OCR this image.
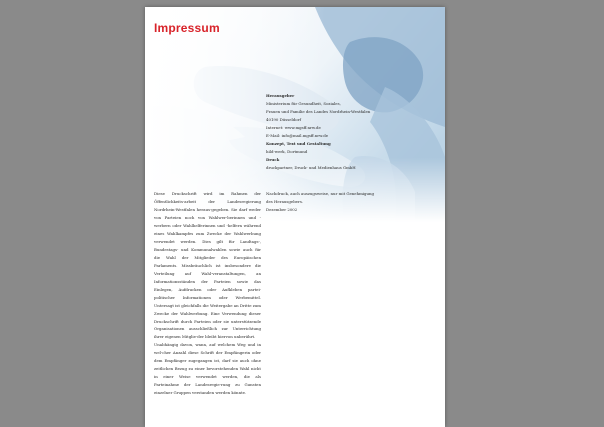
Impressum
Herausgeber
Ministerium für Gesundheit, Soziales,
Frauen und Familie des Landes Nordrhein-Westfalen
40190 Düsseldorf
Internet: www.mgsff.nrw.de
E-Mail: info@mail.mgsff.nrw.de
Konzept, Text und Gestaltung
hild-werk, Dortmund
Druck
druckpartner, Druck- und Medienhaus GmbH

Diese Druckschrift wird im Rahmen der Öffentlichkeits-arbeit der Landesregierung Nordrhein-Westfalen heraus-gegeben. Sie darf weder von Parteien noch von Wahlwer-berinnen und -werbern oder Wahlhelferinnen und -helfern während eines Wahlkampfes zum Zwecke der Wahlwerbung verwendet werden. Dies gilt für Landtags-, Bundestags- und Kommunalwahlen sowie auch für die Wahl der Mitglieder des Europäischen Parlaments. Missbräuchlich ist insbesondere die Verteilung auf Wahl-veranstaltungen, an Informationsständen der Parteien sowie das Einlegen, Aufdrucken oder Aufkleben partei-politischer Informationen oder Werbemittel. Untersagt ist gleichfalls die Weitergabe an Dritte zum Zwecke der Wahlwerbung. Eine Verwendung dieser Druckschrift durch Parteien oder sie unterstützende Organisationen ausschließlich zur Unterrichtung ihrer eigenen Mitglie-der bleibt hiervon unberührt.

Unabhängig davon, wann, auf welchem Weg und in wel-cher Anzahl diese Schrift der Empfängerin oder dem Empfänger zugegangen ist, darf sie auch ohne zeitlichen Bezug zu einer bevorstehenden Wahl nicht in einer Weise verwendet werden, die als Parteinahme der Landesregie-rung zu Gunsten einzelner Gruppen verstanden werden könnte.

Nachdruck, auch auszugsweise, nur mit Genehmigung des Herausgebers.

Dezember 2002
